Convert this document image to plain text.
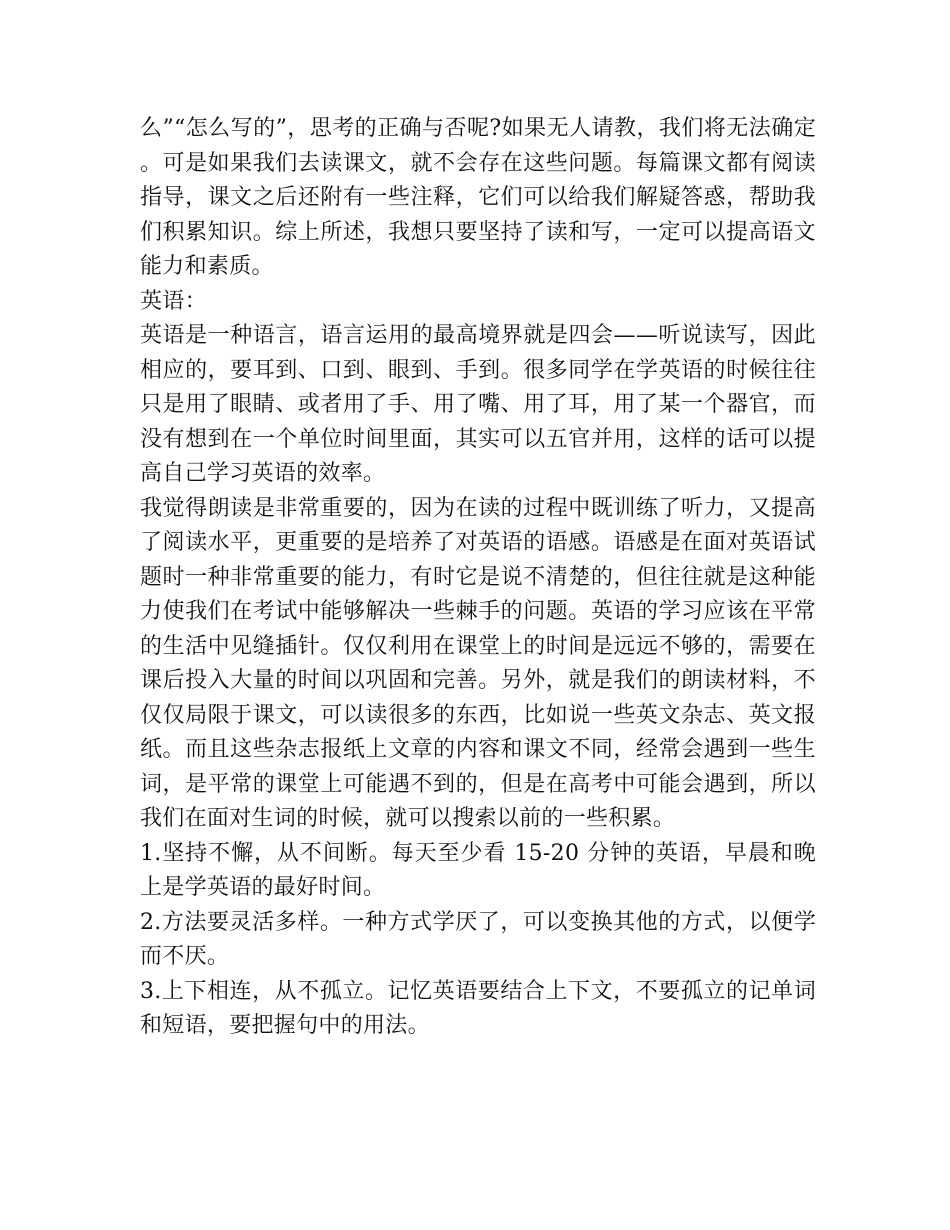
么”“怎么写的”，思考的正确与否呢?如果无人请教，我们将无法确定。可是如果我们去读课文，就不会存在这些问题。每篇课文都有阅读指导，课文之后还附有一些注释，它们可以给我们解疑答惑，帮助我们积累知识。综上所述，我想只要坚持了读和写，一定可以提高语文能力和素质。

英语：

英语是一种语言，语言运用的最高境界就是四会——听说读写，因此相应的，要耳到、口到、眼到、手到。很多同学在学英语的时候往往只是用了眼睛、或者用了手、用了嘴、用了耳，用了某一个器官，而没有想到在一个单位时间里面，其实可以五官并用，这样的话可以提高自己学习英语的效率。

我觉得朗读是非常重要的，因为在读的过程中既训练了听力，又提高了阅读水平，更重要的是培养了对英语的语感。语感是在面对英语试题时一种非常重要的能力，有时它是说不清楚的，但往往就是这种能力使我们在考试中能够解决一些棘手的问题。英语的学习应该在平常的生活中见缝插针。仅仅利用在课堂上的时间是远远不够的，需要在课后投入大量的时间以巩固和完善。另外，就是我们的朗读材料，不仅仅局限于课文，可以读很多的东西，比如说一些英文杂志、英文报纸。而且这些杂志报纸上文章的内容和课文不同，经常会遇到一些生词，是平常的课堂上可能遇不到的，但是在高考中可能会遇到，所以我们在面对生词的时候，就可以搜索以前的一些积累。

1.坚持不懈，从不间断。每天至少看 15-20 分钟的英语，早晨和晚上是学英语的最好时间。

2.方法要灵活多样。一种方式学厌了，可以变换其他的方式，以便学而不厌。

3.上下相连，从不孤立。记忆英语要结合上下文，不要孤立的记单词和短语，要把握句中的用法。
